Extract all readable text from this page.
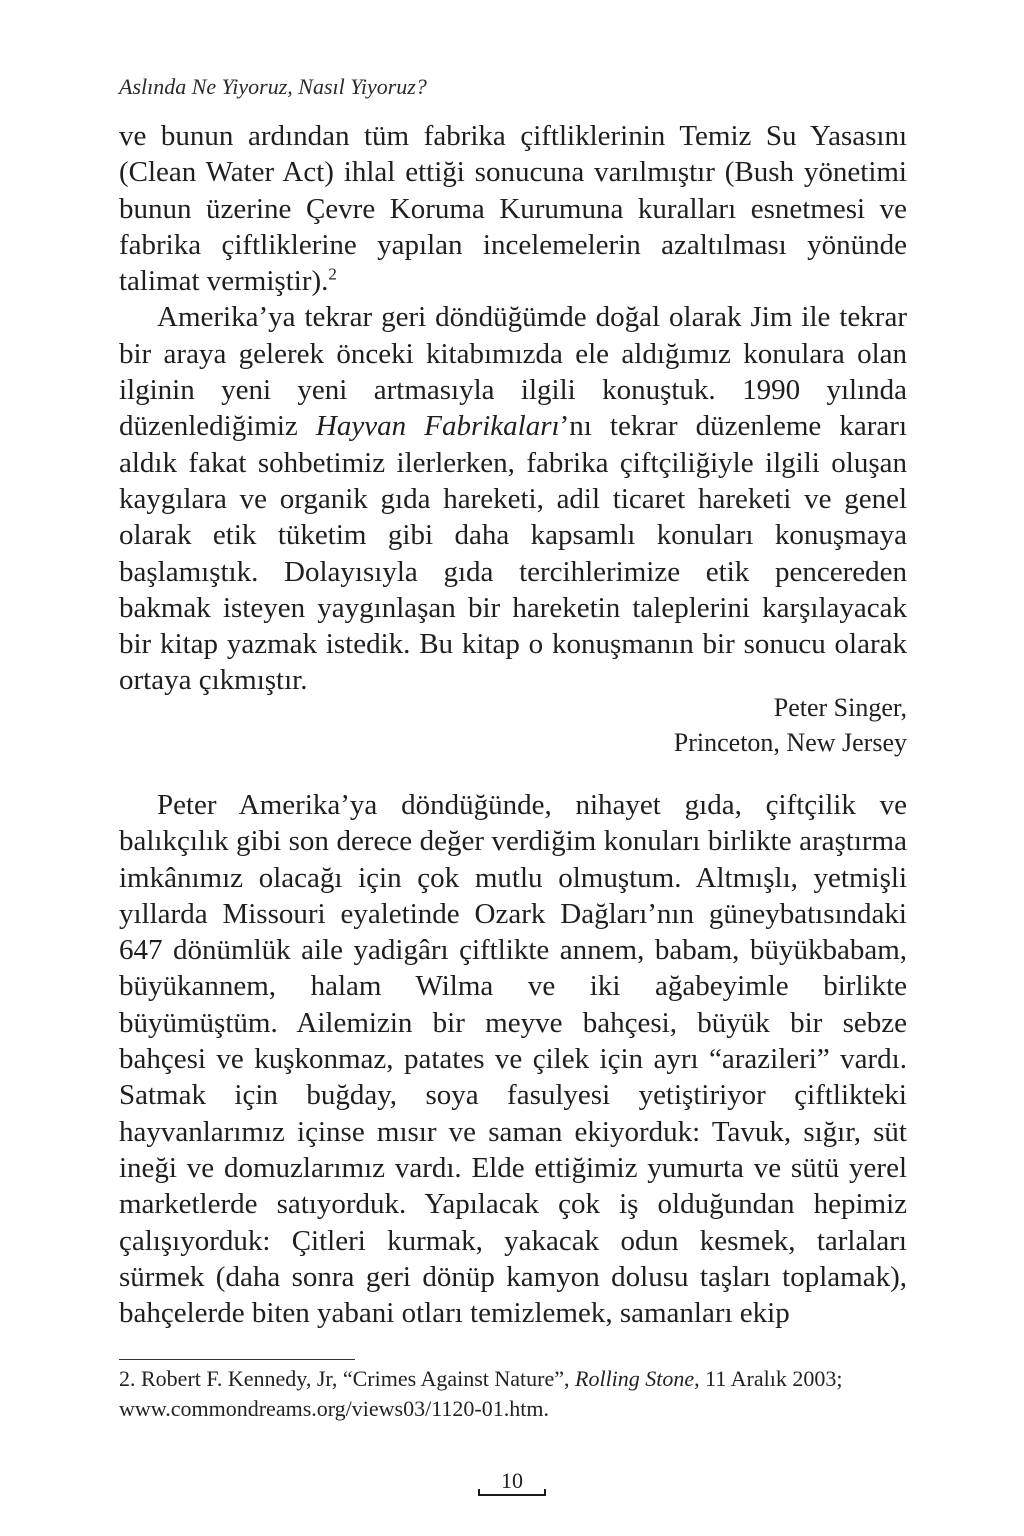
Aslında Ne Yiyoruz, Nasıl Yiyoruz?

ve bunun ardından tüm fabrika çiftliklerinin Temiz Su Yasasını (Clean Water Act) ihlal ettiği sonucuna varılmıştır (Bush yönetimi bunun üzerine Çevre Koruma Kurumuna kuralları esnetmesi ve fabrika çiftliklerine yapılan incelemelerin azaltılması yönünde talimat vermiştir).$^2$

Amerika’ya tekrar geri döndüğümde doğal olarak Jim ile tekrar bir araya gelerek önceki kitabımızda ele aldığımız konulara olan ilginin yeni yeni artmasıyla ilgili konuştuk. 1990 yılında düzenlediğimiz Hayvan Fabrikaları’nı tekrar düzenleme kararı aldık fakat sohbetimiz ilerlerken, fabrika çiftçiliğiyle ilgili oluşan kaygılara ve organik gıda hareketi, adil ticaret hareketi ve genel olarak etik tüketim gibi daha kapsamlı konuları konuşmaya başlamıştık. Dolayısıyla gıda tercihlerimize etik pencereden bakmak isteyen yaygınlaşan bir hareketin taleplerini karşılayacak bir kitap yazmak istedik. Bu kitap o konuşmanın bir sonucu olarak ortaya çıkmıştır.

Peter Singer,
Princeton, New Jersey

Peter Amerika’ya döndüğünde, nihayet gıda, çiftçilik ve balıkçılık gibi son derece değer verdiğim konuları birlikte araştırma imkânımız olacağı için çok mutlu olmuştum. Altmışlı, yetmişli yıllarda Missouri eyaletinde Ozark Dağları’nın güneybatısındaki 647 dönümlük aile yadigârı çiftlikte annem, babam, büyükbabam, büyükannem, halam Wilma ve iki ağabeyimle birlikte büyümüştüm. Ailemizin bir meyve bahçesi, büyük bir sebze bahçesi ve kuşkonmaz, patates ve çilek için ayrı “arazileri” vardı. Satmak için buğday, soya fasulyesi yetiştiriyor çiftlikteki hayvanlarımız içinse mısır ve saman ekiyorduk: Tavuk, sığır, süt ineği ve domuzlarımız vardı. Elde ettiğimiz yumurta ve sütü yerel marketlerde satıyorduk. Yapılacak çok iş olduğundan hepimiz çalışıyorduk: Çitleri kurmak, yakacak odun kesmek, tarlaları sürmek (daha sonra geri dönüp kamyon dolusu taşları toplamak), bahçelerde biten yabani otları temizlemek, samanları ekip

2. Robert F. Kennedy, Jr, “Crimes Against Nature”, Rolling Stone, 11 Aralık 2003; www.commondreams.org/views03/1120-01.htm.
10
